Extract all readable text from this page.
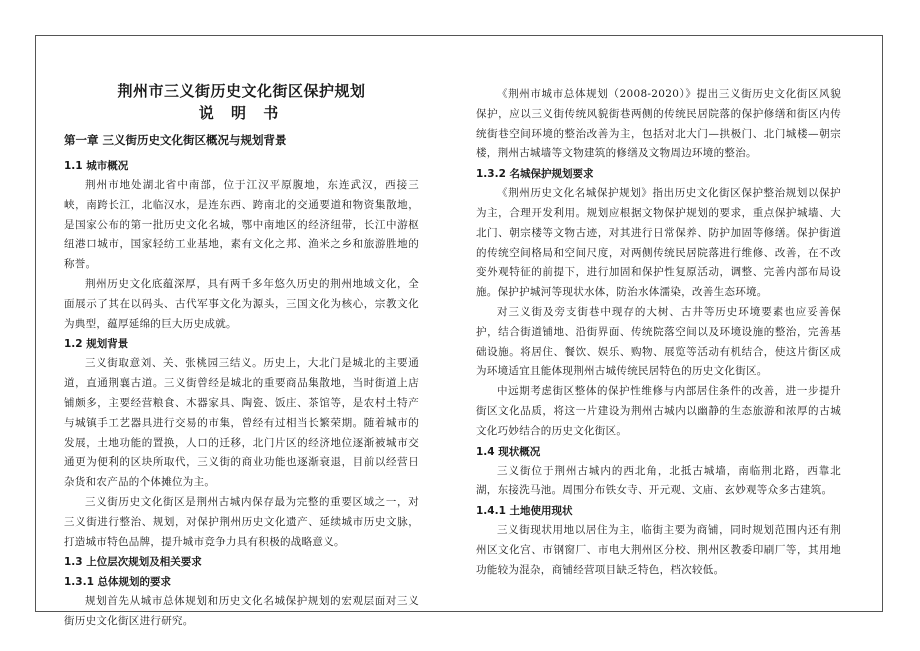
荆州市三义街历史文化街区保护规划
说 明 书
第一章 三义街历史文化街区概况与规划背景
1.1 城市概况

荆州市地处湖北省中南部，位于江汉平原腹地，东连武汉，西接三峡，南跨长江，北临汉水，是连东西、跨南北的交通要道和物资集散地，是国家公布的第一批历史文化名城，鄂中南地区的经济纽带，长江中游枢纽港口城市，国家轻纺工业基地，素有文化之邦、渔米之乡和旅游胜地的称誉。

荆州历史文化底蕴深厚，具有两千多年悠久历史的荆州地域文化，全面展示了其在以码头、古代军事文化为源头，三国文化为核心，宗教文化为典型，蕴厚延绵的巨大历史成就。

1.2 规划背景

三义街取意刘、关、张桃园三结义。历史上，大北门是城北的主要通道，直通荆襄古道。三义街曾经是城北的重要商品集散地，当时街道上店铺颇多，主要经营粮食、木器家具、陶瓷、饭庄、茶馆等，是农村土特产与城镇手工艺器具进行交易的市集，曾经有过相当长繁荣期。随着城市的发展，土地功能的置换，人口的迁移，北门片区的经济地位逐渐被城市交通更为便利的区块所取代，三义街的商业功能也逐渐衰退，目前以经营日杂货和农产品的个体摊位为主。

三义街历史文化街区是荆州古城内保存最为完整的重要区域之一，对三义街进行整治、规划，对保护荆州历史文化遗产、延续城市历史文脉，打造城市特色品牌，提升城市竞争力具有积极的战略意义。

1.3 上位层次规划及相关要求
1.3.1 总体规划的要求

规划首先从城市总体规划和历史文化名城保护规划的宏观层面对三义街历史文化街区进行研究。

《荆州市城市总体规划（2008-2020）》提出三义街历史文化街区风貌保护，应以三义街传统风貌街巷两侧的传统民居院落的保护修缮和街区内传统街巷空间环境的整治改善为主，包括对北大门—拱极门、北门城楼—朝宗楼，荆州古城墙等文物建筑的修缮及文物周边环境的整治。

1.3.2 名城保护规划要求

《荆州历史文化名城保护规划》指出历史文化街区保护整治规划以保护为主，合理开发利用。规划应根据文物保护规划的要求，重点保护城墙、大北门、朝宗楼等文物古迹，对其进行日常保养、防护加固等修缮。保护街道的传统空间格局和空间尺度，对两侧传统民居院落进行维修、改善，在不改变外观特征的前提下，进行加固和保护性复原活动，调整、完善内部布局设施。保护护城河等现状水体，防治水体濡染，改善生态环境。

对三义街及旁支街巷中现存的大树、古井等历史环境要素也应妥善保护，结合街道铺地、沿街界面、传统院落空间以及环境设施的整治，完善基础设施。将居住、餐饮、娱乐、购物、展览等活动有机结合，使这片街区成为环境适宜且能体现荆州古城传统民居特色的历史文化街区。

中远期考虑街区整体的保护性维修与内部居住条件的改善，进一步提升街区文化品质，将这一片建设为荆州古城内以幽静的生态旅游和浓厚的古城文化巧妙结合的历史文化街区。

1.4 现状概况

三义街位于荆州古城内的西北角，北抵古城墙，南临荆北路，西靠北湖，东接洗马池。周围分布铁女寺、开元观、文庙、玄妙观等众多古建筑。

1.4.1 土地使用现状

三义街现状用地以居住为主，临街主要为商铺，同时规划范围内还有荆州区文化宫、市钢窗厂、市电大荆州区分校、荆州区教委印刷厂等，其用地功能较为混杂，商铺经营项目缺乏特色，档次较低。
